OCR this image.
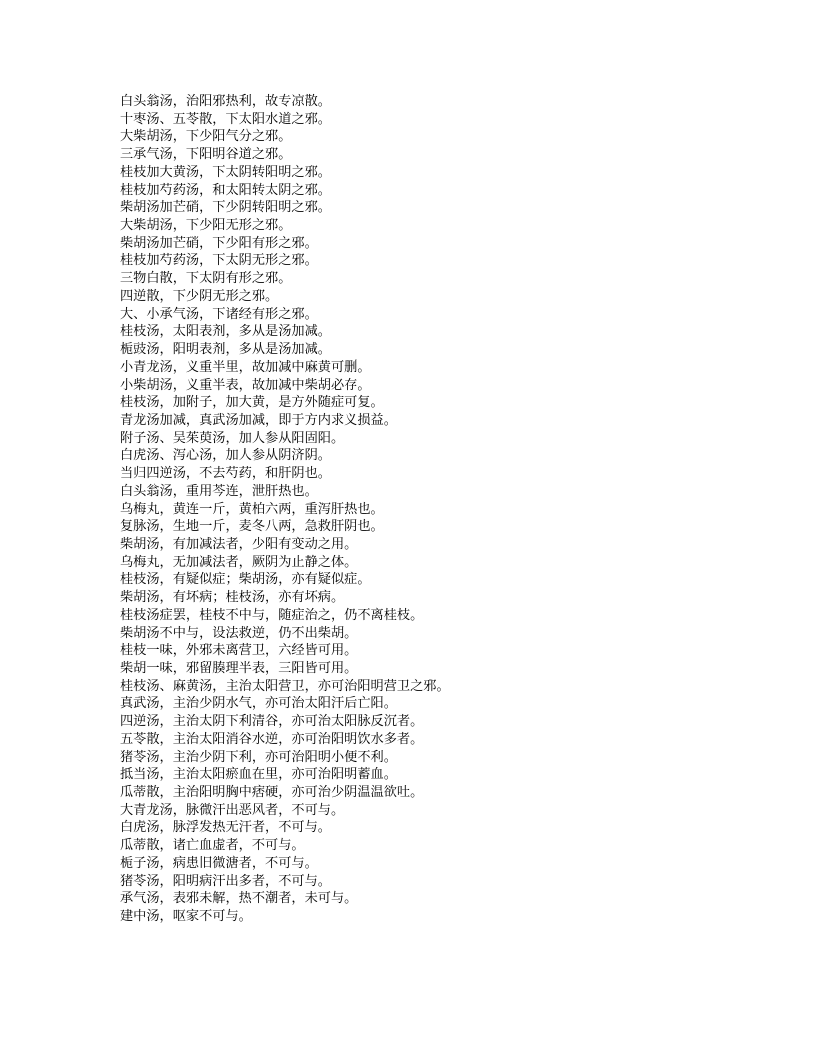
白头翁汤，治阳邪热利，故专凉散。

十枣汤、五苓散，下太阳水道之邪。

大柴胡汤，下少阳气分之邪。

三承气汤，下阳明谷道之邪。

桂枝加大黄汤，下太阴转阳明之邪。

桂枝加芍药汤，和太阳转太阴之邪。

柴胡汤加芒硝，下少阴转阳明之邪。

大柴胡汤，下少阳无形之邪。

柴胡汤加芒硝，下少阳有形之邪。

桂枝加芍药汤，下太阴无形之邪。

三物白散，下太阴有形之邪。

四逆散，下少阴无形之邪。

大、小承气汤，下诸经有形之邪。

桂枝汤，太阳表剂，多从是汤加减。

栀豉汤，阳明表剂，多从是汤加减。

小青龙汤，义重半里，故加减中麻黄可删。

小柴胡汤，义重半表，故加减中柴胡必存。

桂枝汤，加附子，加大黄，是方外随症可复。

青龙汤加减，真武汤加减，即于方内求义损益。

附子汤、吴茱萸汤，加人参从阳固阳。

白虎汤、泻心汤，加人参从阴济阴。

当归四逆汤，不去芍药，和肝阴也。

白头翁汤，重用芩连，泄肝热也。

乌梅丸，黄连一斤，黄柏六两，重泻肝热也。

复脉汤，生地一斤，麦冬八两，急救肝阴也。

柴胡汤，有加减法者，少阳有变动之用。

乌梅丸，无加减法者，厥阴为止静之体。

桂枝汤，有疑似症；柴胡汤，亦有疑似症。

柴胡汤，有坏病；桂枝汤，亦有坏病。

桂枝汤症罢，桂枝不中与，随症治之，仍不离桂枝。

柴胡汤不中与，设法救逆，仍不出柴胡。

桂枝一味，外邪未离营卫，六经皆可用。

柴胡一味，邪留腠理半表，三阳皆可用。

桂枝汤、麻黄汤，主治太阳营卫，亦可治阳明营卫之邪。

真武汤，主治少阴水气，亦可治太阳汗后亡阳。

四逆汤，主治太阴下利清谷，亦可治太阳脉反沉者。

五苓散，主治太阳消谷水逆，亦可治阳明饮水多者。

猪苓汤，主治少阴下利，亦可治阳明小便不利。

抵当汤，主治太阳瘀血在里，亦可治阳明蓄血。

瓜蒂散，主治阳明胸中痞硬，亦可治少阴温温欲吐。

大青龙汤，脉微汗出恶风者，不可与。

白虎汤，脉浮发热无汗者，不可与。

瓜蒂散，诸亡血虚者，不可与。

栀子汤，病患旧微溏者，不可与。

猪苓汤，阳明病汗出多者，不可与。

承气汤，表邪未解，热不潮者，未可与。

建中汤，呕家不可与。
